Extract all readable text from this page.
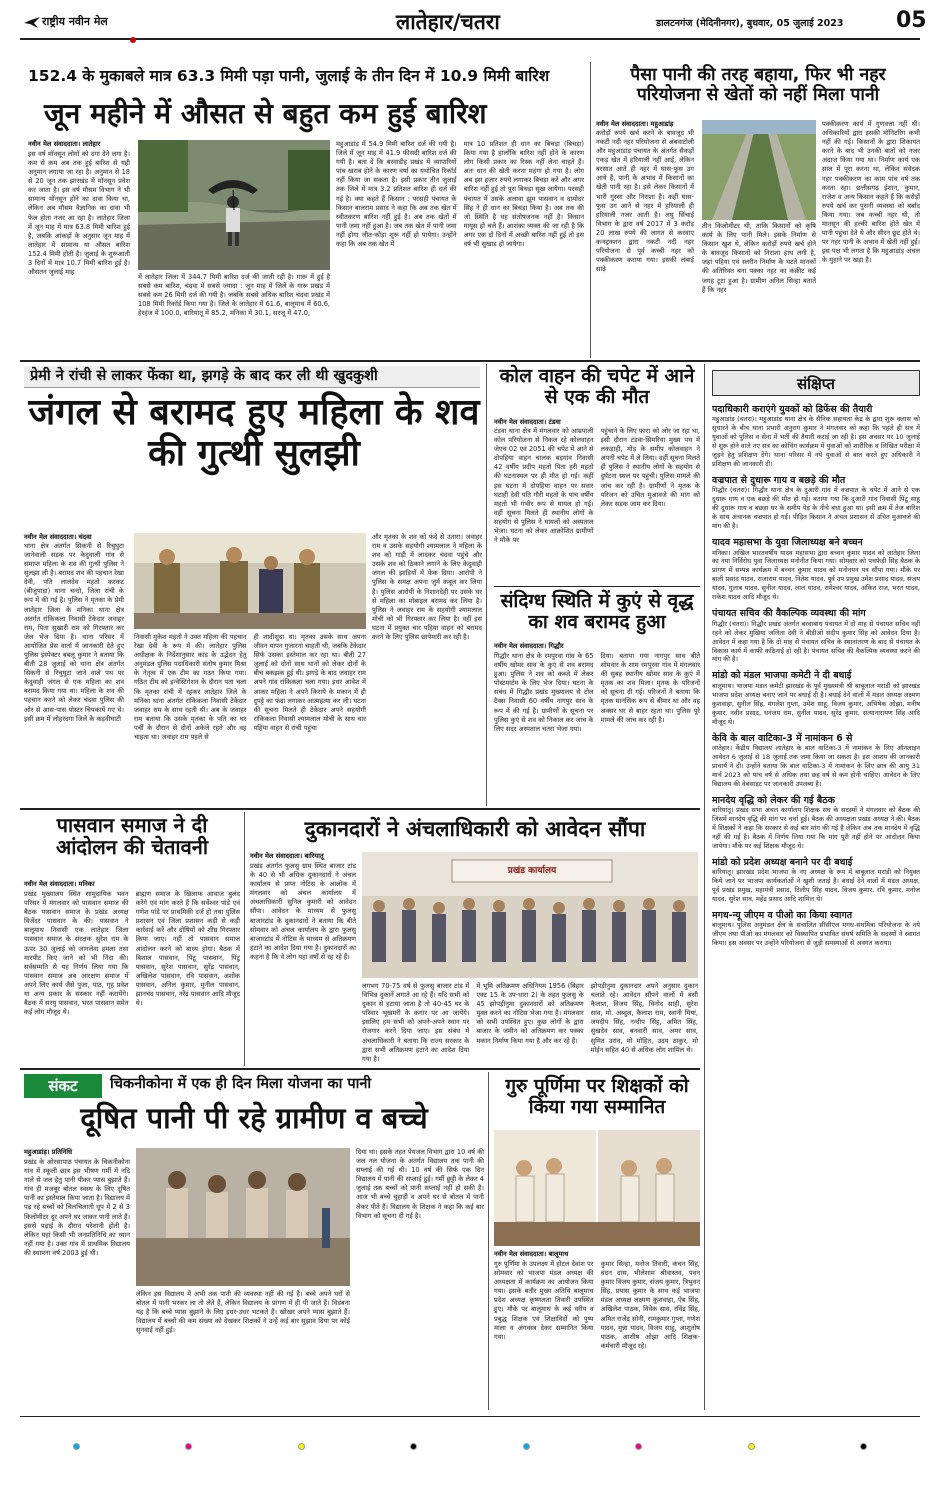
राष्ट्रीय नवीन मेल	लातेहार/चतरा	डालटनगंज (मेदिनीनगर), बुधवार, 05 जुलाई 2023 05
152.4 के मुकाबले मात्र 63.3 मिमी पड़ा पानी, जुलाई के तीन दिन में 10.9 मिमी बारिश
जून महीने में औसत से बहुत कम हुई बारिश
नवीन मेल संवाददाता। लातेहार
इस वर्ष मॉनसून लोगों को दगा देने लगा है। कम से कम अब तक हुई बारिश से यही अनुमान लगाया जा रहा है। अनुमान से 18 से 20 जून तक झारखंड में मॉनसून प्रवेश कर जाता है। इस वर्ष मौसम विभाग ने भी सामान्य मॉनसून होने का दावा किया था, लेकिन अब मौसम वैज्ञानिक का दावा भी फेल होता नजर आ रहा है। लातेहार जिला में जून माह में मात्र 63.8 मिमी बारिश हुई है, जबकि आंकड़ों के अनुसार जून माह में लातेहार में सामान्य या औसत बारिश 152.4 मिमी होती है। जुलाई के शुरूआती 3 दिनों में मात्र 10.7 मिमी बारिश हुई है। औसतन जुलाई माह
में लातेहार जिला में 344.7 मिमी बारिश दर्ज की जाती रही है। गारू में हुई है सबसे कम बारिश, चंदवा में सबसे ज्यादा : जून माह में जिले के गारू प्रखंड में सबसे कम 26 मिमी दर्ज की गयी है। जबकि सबसे अधिक बारिश चंदवा प्रखंड में 108 मिमी रिकॉर्ड किया गया है। जिले के लातेहार में 61.6, बालूमाथ में 60.6, हेरहंज में 100.0, बारियातू में 85.2, मनिका में 30.1, सरजू में 47.0,
महुआडांड़ में 54.9 मिमी बारिश दर्ज की गयी है। जिले में जून माह में 41.9 फीसदी बारिश दर्ज की गयी है। बता दें कि बरवाडीह प्रखंड में व्यापारियों पांच खराब होने के कारण वर्षा का यथोचित रिकॉर्ड नहीं किया जा सकता है। इसी प्रकार तीन जुलाई तक जिले में मात्र 3.2 प्रतिशत बारिश ही दर्ज की गई है। क्या कहते हैं किसान : परसही पंचायत के किसान बालराम प्रसाद ने कहा कि अब तक खेत में स्वीतकरण बारिश नहीं हुई है। अब तक खेतों में पानी जमा नहीं हुआ है। जब तक खेत में पानी जमा नहीं होगा जीत-कोड़ा शुरू नहीं हो पायेगा। उन्होंने कहा कि अब तक खेत में
मात्र 10 प्रतिशत ही धान का बिचड़ा (बिचड़ा) किया गया है हालाँकि बारिश नहीं होने के कारण लोग किसी प्रकार का रिस्क नहीं लेना चाहते हैं। अतः धान की खेती करना महंगा हो गया है। लोग अब इस हजार रुपये लगाकर बिचड़ा करें और अगर बारिश नहीं हुई तो पूरा बिचड़ा सूख जायेगा। परसही पंचायत में उसके अलावा झूम पासवान व दामोदर सिंह ने ही धान का बिचड़ा किया है। अब तक की जो स्थिति है वह संतोषजनक नहीं है। किसान मायूस हो चले हैं। आशंका व्यक्त की जा रही है कि अगर एक दो दिनों में अच्छी बारिश नहीं हुई तो इस वर्ष भी सुखाड़ हो जायेगा।
पैसा पानी की तरह बहाया, फिर भी नहर परियोजना से खेतों को नहीं मिला पानी
नवीन मेल संवाददाता। महुआडांड़
करोड़ों रुपये खर्च करने के बावजूद भी नकटी नदी नहर परियोजना से अंबवाटोली और महुआडांड़ पंचायत के अंतर्गत सैकड़ों एकड़ खेत में हरियाली नहीं आई, लेकिन बरसात आते ही नहर में घास-फूस उग आये हैं, पानी के अभाव में किसानों का खेती पानी रहा है। इसे लेकर किसानों में भारी गुस्सा और निराशा है। कहीं घास-फूस उग आने से नहर में हरियाली ही हरियाली नजर आती है। लघु सिंचाई विभाग के द्वारा वर्ष 2017 में 3 करोड़ 20 लाख रुपये की लागत से करवाए कन्स्ट्रक्शन द्वारा नकटी नदी नहर परियोजना से पूर्व कच्ची नहर को पक्कीकरण कराया गया। इसकी लंबाई साढ़े
तीन किलोमीटर थी, ताकि किसानों को कृषि कार्य के लिए पानी मिले। इसके निर्माण से किसान खुश थे, लेकिन करोड़ों रुपये खर्च होने के बावजूद किसानों को निराशा हाथ लगी है, जहां पहिया एवं स्लरीन निर्माण के घटते मानकों की अतिरिक्त बना पक्का नहर का कंक्रीट कई जगह टूटा हुआ है। ग्रामीण अनिल सिन्हा बताते हैं कि नहर
पक्कीकरण कार्य में गुणवत्ता नहीं थी। अधिकारियों द्वारा इसकी मॉनिटरिंग कभी नहीं की गई। किसानों के द्वारा शिकायत करने के बाद भी उनकी बातों को नजर अंदाज किया गया था। निर्माण कार्य एक साल में पूरा करना था, लेकिन संवेदक नहर पक्कीकरण का काम पांच वर्ष तक करता रहा। छत्तीसगढ़ ईशान, कुमार, राजेश व अन्य किसान कहते हैं कि करोड़ों रुपये खर्च कर पुरानी व्यवस्था को बर्बाद किया गया। जब कच्ची नहर थी, तो मानसून की हल्की बारिश होते खेत में पानी पहुंचा देते थे और सीरन छूट होते थे। पर नहर पानी के अभाव में खेती नहीं हुई। इस पक्ष भी लगता है कि महुआडांड़ अंचल के मुहाने पर खड़ा है।
प्रेमी ने रांची से लाकर फेंका था, झगड़े के बाद कर ली थी खुदकुशी
जंगल से बरामद हुए महिला के शव की गुत्थी सुलझी
नवीन मेल संवाददाता। चंदवा
थाना क्षेत्र अंतर्गत सिकनी से रिचुघुटा जानेवाली सड़क पर केदुवाली गांव से समाप्त महिला के शव की गुत्थी पुलिस ने सुलझा ली है। बरामद शव की पहचान रेखा देवी, पति लालदेव महतो करकट (बीजुपाड़ा) थाना चन्दो, जिला रांची के रूप में की गई है। पुलिस ने मृतका के प्रेमी लातेहार जिला के मनिका थाना क्षेत्र अंतर्गत रांकिकला निवासी टेकेदार जवाहर राम, पिता सुखारी राम को गिरफ्तार कर जेल भेज दिया है। थाना परिसर में आयोजित प्रेस वार्ता में जानकारी देते हुए पुलिस इंस्पेक्टर बबलू कुमार ने बताया कि बीती 28 जुलाई को थाना क्षेत्र अंतर्गत सिकनी से रिचुघुटा जाने वाले पथ पर केदुवाही जंगल से एक महिला का शव बरामद किया गया था। महिला के शव की पहचान करने को लेकर चंदवा पुलिस की ओर से आस-पास पोस्टर चिपकायें गए थे। इसी क्रम में लोहरदगा जिले के कड़वीघाटी
निवासी मुकेश महतो ने उक्त महिला की पहचान रेखा देवी के रूप में की। लातेहार पुलिस अधीक्षक के निर्देशानुसार कांड के उद्भेदन हेतु अनुमंडल पुलिस पदाधिकारी संतोष कुमार मिश्रा के नेतृत्व में एक टीम का गठन किया गया। गठित टीम को इन्वेस्टिगेशन के दौरान पता चला कि मृतका रांची में रहकर लातेहार जिले के मनिका थाना अंतर्गत रांकिकला निवासी टेकेदार जवाहर राम के साथ रहती थी। अब के जवाहर राम बताया कि उसके मृतका के पति का घर पर्ची के दौरान से दोनों अकेले रहते और वह चाहता था। जवाहर राम पहले से
ही शादीशुदा था। मृतका उसके साथ अपना जीवन यापन गुजारना चाहती थी, जबकि टेकेदार सिर्फ उसका इस्तेमाल कर रहा था। बीती 27 जुलाई को दोनों साथ थानों को लेकर दोनों के बीच बकझक हुई थी। झगड़े के बाद जवाहर राम अपने गांव रांकिकला चला गया। इधर आवेश में आकर महिला ने अपने किराये के मकान में ही दुपट्टे का फंदा लगाकर आत्महत्या कर ली। घटना की सूचना मिलते ही टेकेदार अपने सहयोगी रांकिकला निवासी श्यामलाल मोची के साथ चार पहिया वाहन से रांची पहुंचा
और मृतका के शव को फंदे से उतारा। जवाहर राम व उसके सहयोगी श्यामलाल ने महिला के शव को गाड़ी में लादकर चंदवा पहुंचे और उसके शव को ठिकाने लगाने के लिए केदुवाही जंगल की झाड़ियों में फेंक दिया। आरोपी ने पुलिस के समक्ष अपना जुर्म कबूल कर लिया है। पुलिस आरोपी के निशानदेही पर उसके घर से महिला का मोबाइल बरामद कर लिया है। पुलिस ने जवाहर राम के सहयोगी श्यामलाल मोची को भी गिरफ्तार कर लिया है। वहीं इस घटना में प्रयुक्त चार पहिया वाहन को बरामद करने के लिए पुलिस छापेमारी कर रही है।
कोल वाहन की चपेट में आने से एक की मौत
नवीन मेल संवाददाता। टंडवा
टंडवा थाना क्षेत्र में मंगलवार को आम्रपाली कोल परियोजना से निकल रहे कोलवाहन जेएच 02 एवं 2051 की चपेट में आने से दोपहिया वाहन चालक बड़गांव निवासी 42 वर्षीय प्रदीप महतो पिता हरी महतो की घटनास्थल पर ही मौत हो गई। कहीं इस घटना में दोपहिया वाहन पर सवार घटाही देवी पति गौरी महतो के पांच वर्षीय महतो भी गंभीर रूप से घायल हो गई। वहीं सूचना मिलते ही स्थानीय लोगों के सहयोग से पुलिस ने घायलों को अस्पताल भेजा। घटना को लेकर आक्रोशित ग्रामीणों ने मौके पर
पहुंचाने के लिए फ़ारा को ओर जा रहा था, इसी दौरान टंडवा-सिमरिया मुख्य पथ में लकड़ाही, मोड़ के समीप कोलवाहन ने अपनी चपेट में ले लिया। वहीं सूचना मिलते ही पुलिस ने स्थानीय लोगों के सहयोग से दुर्घटना स्थल पर पहुंची। पुलिस मामले की जांच कर रही है। ग्रामीणों ने मृतक के परिजन को उचित मुआवजे की मांग को लेकर सड़क जाम कर दिया।
संदिग्ध स्थिति में कुएं से वृद्ध का शव बरामद हुआ
नवीन मेल संवाददाता। गिद्धौर
गिद्धौर थाना क्षेत्र के रमपुरवा गांव के 65 वर्षीय खोमर साव के कुएं से शव बरामद हुआ। पुलिस ने शव को कब्जे में लेकर पोस्टमार्टम के लिए भेज दिया। घटना के संबंध में गिद्धौर प्रखंड मुख्यालय से टोल टैक्स निवासी 60 वर्षीय नागपुर साव के रूप में की गई है। ग्रामीणों के सूचना पर पुलिस कुएं से शव को निकाल कर जांच के लिए सदर अस्पताल चतरा भेजा गया।
दिया। बताया गया नागपुर साव बीते सोमवार के शाम रमपुरवा गांव में मंगलवार की सुबह स्थानीय खोमर साव के कुएं में मृतक का शव मिला। मृतक के परिजनों को सूचना दी गई। परिजनों ने बताया कि मृतक मानसिक रूप से बीमार था और वह अक्सर घर से बाहर रहता था। पुलिस पूरे मामले की जांच कर रही है।
संक्षिप्त
पदाधिकारी कराएंगे युवकों को डिफेंस की तैयारी
महुआडांड़ (चतरा)। महुआडांड़ थाना क्षेत्र के सैनिक सहायता केंद्र के द्वारा शुरू क्लास को सुधारने के बीच थाना प्रभारी अनुराग कुमार ने मंगलवार को कहा कि पहले ही सत्र में युवाओं को पुलिस व सेना में भर्ती की तैयारी कराई जा रही है। इस अवसर पर 10 जुलाई से शुरू होने वाले नए सत्र का कोचिंग कार्यक्रम में युवाओं को शारीरिक व लिखित परीक्षा में जुड़ने हेतु प्रशिक्षण देंगे। थाना परिसर में नये युवाओं से बात करते हुए अधिकारी ने प्रशिक्षण की जानकारी दी।
वज्रपात से दुधारू गाय व बछड़े की मौत
गिद्धौर (चतरा)। गिद्धौर थाना क्षेत्र के दुआरी गांव में वज्रपात के चपेट में आने से एक दुधारू गाय व एक बछड़े की मौत हो गई। बताया गया कि दुआरी गांव निवासी पिंटू साहू की दुधारू गाय व बछड़ा घर के समीप पेड़ के नीचे बंधा हुआ था। इसी क्रम में तेज बारिश के साथ अचानक वज्रपात हो गई। पीड़ित किसान ने अंचल प्रशासन से उचित मुआवजे की मांग की है।
यादव महासभा के युवा जिलाध्यक्ष बने बच्चन
मनिका। अखिल भारतवर्षीय यादव महासभा द्वारा बच्चन कुमार यादव को लातेहार जिला का नया निर्विरोध युवा जिलाध्यक्ष मनोनीत किया गया। सोमवार को पचफेड़ी सिंह बैठक के प्रांगण में सम्पन्न कार्यक्रम में बच्चन कुमार यादव को मनोनयन पत्र सौंपा गया। मौके पर बाली प्रसाद यादव, राजाराम यादव, नितेश यादव, पूर्व उप प्रमुख उमेश प्रसाद यादव, संजय यादव, गुलाब यादव, सुनील यादव, लाल यादव, रामेश्वर यादव, अंकित राज, भरत यादव, राकेश यादव आदि मौजूद थे।
पंचायत सचिव की वैकल्पिक व्यवस्था की मांग
गिद्धौर (चतरा)। गिद्धौर प्रखंड अंतर्गत बरवाबांध पंचायत में दो माह से पंचायत सचिव नहीं रहने को लेकर मुखिया जलिता देवी ने बीडीओ संदीप कुमार सिंह को आवेदन दिया है। आवेदन में कहा गया है कि दो माह से पंचायत सचिव के स्थानांतरण के बाद से पंचायत के विकास कार्य में काफी कठिनाई हो रही है। पंचायत सचिव की वैकल्पिक व्यवस्था करने की मांग की है।
मांडो को मंडल भाजपा कमेटी ने दी बधाई
बालूमाथ। भाजपा मंडल कमेटी झारखंड के पूर्व मुख्यमंत्री श्री बाबूलाल मरांडी को झारखंड भाजपा प्रदेश अध्यक्ष बनाए जाने पर बधाई दी है। बधाई देने वालों में मंडल अध्यक्ष लक्ष्मण कुशवाहा, सुनील सिंह, मंगलेश गुप्ता, उमेश साहू, विजय कुमार, अभिषेक ओझा, मनीष कुमार, नवीन प्रसाद, धनंजय राम, सुनील यादव, सुरेंद्र कुमार, सत्यानारायण सिंह आदि मौजूद थे।
केवि के बाल वाटिका-3 में नामांकन 6 से
लातेहार। केंद्रीय विद्यालय लातेहार के बाल वाटिका-3 में नामांकन के लिए ऑनलाइन आवेदन 6 जुलाई से 18 जुलाई तक जमा किया जा सकता है। इस आशय की जानकारी प्राचार्य ने दी। उन्होंने बताया कि बाल वाटिका-3 में नामांकन के लिए छात्र की आयु 31 मार्च 2023 को पांच वर्ष से अधिक तथा छह वर्ष से कम होनी चाहिए। आवेदन के लिए विद्यालय की वेबसाइट पर जानकारी उपलब्ध है।
मानदेय वृद्धि को लेकर की गई बैठक
बारियातू। प्रखंड सभा अंचल कार्यालय शिक्षक संघ के सदस्यों ने मंगलवार को बैठक की जिसमें मानदेय वृद्धि की मांग पर चर्चा हुई। बैठक की अध्यक्षता प्रखंड अध्यक्ष ने की। बैठक में शिक्षकों ने कहा कि सरकार से कई बार मांग की गई है लेकिन अब तक मानदेय में वृद्धि नहीं की गई है। बैठक में निर्णय लिया गया कि मांग पूरी नहीं होने पर आंदोलन किया जायेगा। मौके पर कई शिक्षक मौजूद थे।
मांडो को प्रदेश अध्यक्ष बनाने पर दी बधाई
बारियातू। झारखंड प्रदेश भाजपा के नए अध्यक्ष के रूप में बाबूलाल मरांडी को नियुक्त किये जाने पर भाजपा कार्यकर्ताओं ने खुशी जताई है। बधाई देने वालों में मंडल अध्यक्ष, पूर्व प्रखंड प्रमुख, महामंत्री प्रसाद, दिलीप सिंह यादव, विजय कुमार, रवि कुमार, मनोज यादव, सुरेश साव, महेंद्र प्रसाद आदि शामिल थे।
मगध-न्यू जीएम व पीओ का किया स्वागत
बालूमाथ। पुलिस अनुमंडल क्षेत्र के संचालित सीसीएल मगध-संघमित्रा परियोजना के नये जीएम तथा पीओ का मंगलवार को विस्थापित प्रभावित संघर्ष समिति के सदस्यों ने स्वागत किया। इस अवसर पर उन्होंने परियोजना से जुड़ी समस्याओं से अवगत कराया।
पासवान समाज ने दी आंदोलन की चेतावनी
नवीन मेल संवाददाता। मनिका
प्रखंड मुख्यालय स्थित सामुदायिक भवन परिसर में मंगलवार को पासवान समाज की बैठक पासवान समाज के प्रखंड अध्यक्ष विजेंदर पासवान के की। पासवान ने बालूमाथ निवासी एक लातेहार जिला पासवान समाज के संरक्षक सुरेश राम के ऊपर 30 जुलाई को जानलेवा हमला तथा मारपीट किए जाने को भी निंदा की। सर्वसम्मति से यह निर्णय लिया गया कि पासवान समाज अब आरक्षण समाज में अपने लिए कार्य जैसे पुजा, पाठ, गृह प्रवेश या अन्य प्रकार के संस्कार नहीं करायेंगे। बैठक में सरयु पासवान, भरत पासवान समेत कई लोग मौजूद थे।
ब्राह्मण समाज के खिलाफ आवाज बुलंद करेंगे एवं मांग करते हैं कि सर्वेश्वर पांडे एवं गणेश पांडे पर प्राथमिकी दर्ज हो तथा पुलिस प्रशासन एवं जिला प्रशासन कड़ी से कड़ी कार्रवाई करें और दोषियों को शीघ्र गिरफ्तार किया जाए। नहीं तो पासवान समाज आंदोलन करने को बाध्य होगा। बैठक में बिशाल पासवान, पिंटू पासवान, पिंटू पासवान, सुरेश पासवान, सुरेंद्र पासवान, अखिलेश पासवान, रवि पासवान, अशोक पासवान, अनिल कुमार, मुनील पासवान, झानचंद पासवान, नरेंद्र पासवान आदि मौजूद थे।
दुकानदारों ने अंचलाधिकारी को आवेदन सौंपा
नवीन मेल संवाददाता। बारियातू
प्रखंड अंतर्गत फुलसु ग्राम स्थित बाजार टांड के 40 से भी अधिक दुकानदारों ने अंचल कार्यालय से प्राप्त नोटिस के आलोक में मंगलवार को अंचल कार्यालय में अंचलाधिकारी सुनिल कुमारी को आवेदन सौंपा। आवेदन के माध्यम से फुलसु बाजारटांड के दुकानदारों ने बताया कि बीते सोमवार को अंचल कार्यालय के द्वारा फुलसु बाजारटांड में नोटिस के माध्यम से अतिक्रमण हटाने का आदेश दिया गया है। दुकानदारों का कहना है कि वे लोग यहां वर्षों से रह रहे हैं।
प्रखंड कार्यालय
लगभग 70-75 वर्ष से फुलसु बाजार टांड में विभिन्न दुकानें लगाते आ रहे हैं। यदि सभी को दुकान से हटाया जाता है तो 40-45 घर के परिवार भूखमरी के कगार पर आ जायेंगे। इसलिए हम सभी को अपने-अपने स्थान पर रोजगार करने दिया जाए। इस संबंध में अंचलाधिकारी ने बताया कि राज्य सरकार के द्वारा सभी अतिक्रमण हटाने का आदेश दिया गया है।
में भूमि अतिक्रमण अधिनियम 1956 (बिहार एक्ट 15 के उप-धारा 2) के तहत फुलसु के 45 झोपड़ीनुमा दुकानदारों को अतिक्रमण मुक्त करने का नोटिस भेजा गया है। मंगलवार को सभी उपस्थित हुए। कुछ लोगों के द्वारा बाजार के जमीन को अतिक्रमण कर पक्का मकान निर्माण किया गया है और कर रहे हैं।
झोपड़ीनुमा दुकानदार अपने अनुसार दुकान चलाते रहे। आवेदन सौंपने वालों में बंसी कैलाश, विजय सिंह, विनोद साही, सुरेश साव, मो. अब्दुल, कैलाश राम, रवानी मियां, जयदीप सिंह, नन्दीप सिंह, अमित सिंह, सुखदेव साव, बनवारी साव, अमर साव, सुमित उरांव, मो मोहित, उदय ठाकुर, मो मोईन सहित 40 से अधिक लोग शामिल थे।
संकट	चिकनीकोना में एक ही दिन मिला योजना का पानी
दूषित पानी पी रहे ग्रामीण व बच्चे
महुआडांड़। प्रतिनिधि
प्रखंड के ओरसापाठ पंचायत के चिकनीकोना गांव में स्कूली छात्र इस भीषण गर्मी में नदि नाले से जल हेतु पानी पीकर प्यास बुझाते हैं। गांव ही मजबूर बोतल स्वस्थ के लिए दूषित पानी का इस्तेमाल किया जाता है। विद्यालय में पढ़ रहे बच्चों को चिलचिलाती धूप में 2 से 3 किलोमीटर दूर अपने घर जाकर पानी लाते हैं। इससे पढ़ाई के दौरान परेशानी होती है। लेकिन यहां किसी भी जनप्रतिनिधि का ध्यान नहीं गया है। उक्त गांव में प्राथमिक विद्यालय की स्थापना वर्ष 2003 हुई थी।
लेकिन इस विद्यालय में अभी तक पानी की व्यवस्था नहीं की गई है। बच्चे अपने घरों से बोतल में पानी भरकर ला तो लेते हैं, लेकिन विद्यालय के प्रांगण में ही पी जाते हैं। विडंबना यह है कि बच्चे प्यास बुझाने के लिए इधर-उधर भटकते हैं। खोखर अपने प्यास बुझाते हैं। विद्यालय में बच्चों की कम संख्या को देखकर शिक्षकों ने उन्हें कई बार सुझाव दिया पर कोई सुनवाई नहीं हुई।
दिया था। इसके तहत पेयजल विभाग द्वारा 10 वर्ष की जल नल योजना के अंतर्गत विद्यालय तक पानी की सप्लाई की गई थी। 10 वर्ष की सिर्फ एक दिन विद्यालय में पानी की सप्लाई हुई। गर्मी छुट्टी के लेकर 4 जुलाई तक बच्चों को पानी सप्लाई नहीं हो सकी है। आज भी बच्चे चुहाड़ी व अपने घर से बोतल में पानी लेकर पीते हैं। विद्यालय के शिक्षक ने कहा कि कई बार विभाग को सूचना दी गई है।
गुरु पूर्णिमा पर शिक्षकों को किया गया सम्मानित
नवीन मेल संवाददाता। बालूमाथ
गुरु पूर्णिमा के उपलक्ष्य में होटल देवांश पर सोमवार को भाजपा मंडल अध्यक्ष की अध्यक्षता में कार्यक्रम का आयोजन किया गया। इसके बतौर मुख्य अतिथि बालूमाथ प्रदेश अध्यक्ष कृष्णलता तिवारी उपस्थित हुए। मौके पर बालूमाथ के कई वरीय व प्रबुद्ध शिक्षक एवं शिक्षाविदों को पुष्प माला व अंगवस्त्र देकर सम्मानित किया गया।
कुमार सिन्हा, मनोज तिवारी, कंचन सिंह, चंदन दास, भीलेशाम श्रीवास्तव, पवन कुमार विजय कुमार, संजय कुमार, त्रिभुवन सिंह, प्रयास कुमार के साथ कई भाजपा मंडल अध्यक्ष लक्ष्मण कुशवाहा, ऐब सिंह, अखिलेश पाठक, विवेक साव, रविंद्र सिंह, अमित राजेंद्र सोनी, रामकुमार गुप्ता, गणेश यादव, मुन्ना यादव, विजय साहू, आशुतोष पाठक, आशीष ओझा आदि शिक्षक-कर्मचारी मौजूद रहे।
